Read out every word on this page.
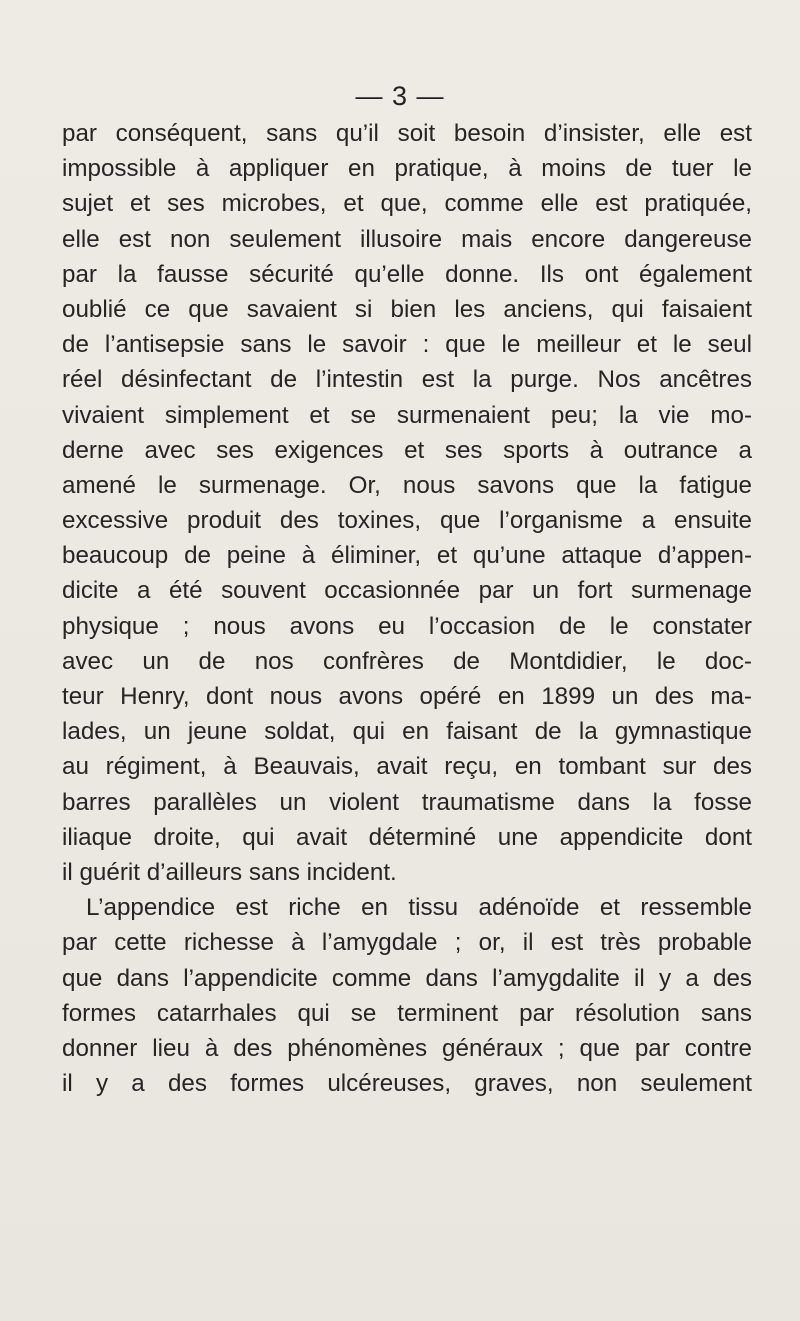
— 3 —
par conséquent, sans qu’il soit besoin d’insister, elle est
impossible à appliquer en pratique, à moins de tuer le
sujet et ses microbes, et que, comme elle est pratiquée,
elle est non seulement illusoire mais encore dangereuse
par la fausse sécurité qu’elle donne. Ils ont également
oublié ce que savaient si bien les anciens, qui faisaient
de l’antisepsie sans le savoir : que le meilleur et le seul
réel désinfectant de l’intestin est la purge. Nos ancêtres
vivaient simplement et se surmenaient peu; la vie mo-
derne avec ses exigences et ses sports à outrance a
amené le surmenage. Or, nous savons que la fatigue
excessive produit des toxines, que l’organisme a ensuite
beaucoup de peine à éliminer, et qu’une attaque d’appen-
dicite a été souvent occasionnée par un fort surmenage
physique ; nous avons eu l’occasion de le constater
avec un de nos confrères de Montdidier, le doc-
teur Henry, dont nous avons opéré en 1899 un des ma-
lades, un jeune soldat, qui en faisant de la gymnastique
au régiment, à Beauvais, avait reçu, en tombant sur des
barres parallèles un violent traumatisme dans la fosse
iliaque droite, qui avait déterminé une appendicite dont
il guérit d’ailleurs sans incident.
L’appendice est riche en tissu adénoïde et ressemble
par cette richesse à l’amygdale ; or, il est très probable
que dans l’appendicite comme dans l’amygdalite il y a des
formes catarrhales qui se terminent par résolution sans
donner lieu à des phénomènes généraux ; que par contre
il y a des formes ulcéreuses, graves, non seulement
